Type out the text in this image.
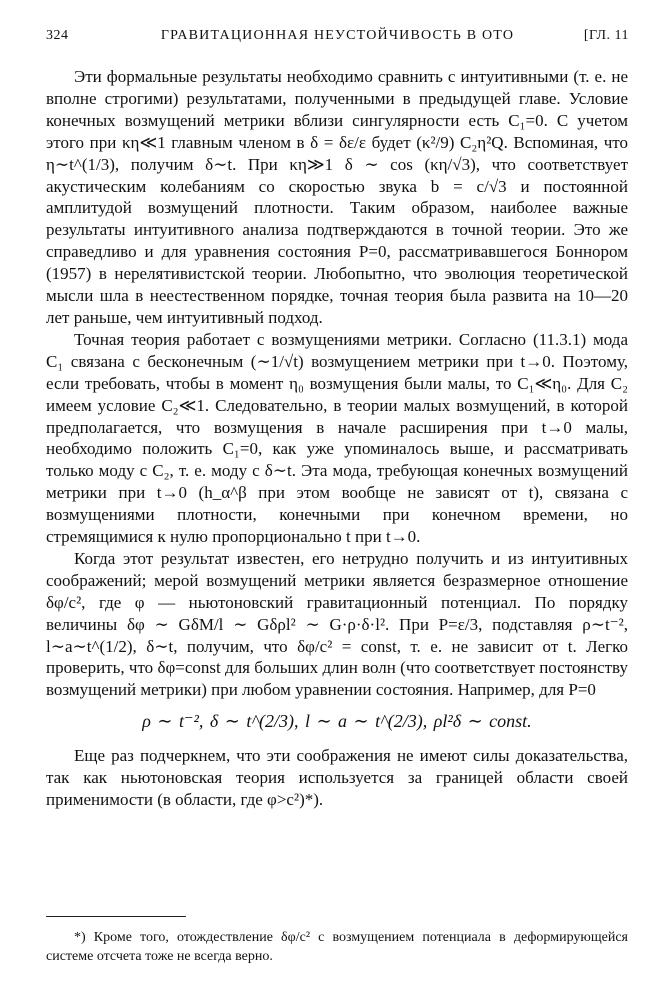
324	ГРАВИТАЦИОННАЯ НЕУСТОЙЧИВОСТЬ В ОТО	[ГЛ. 11

Эти формальные результаты необходимо сравнить с интуитивными (т. е. не вполне строгими) результатами, полученными в предыдущей главе. Условие конечных возмущений метрики вблизи сингулярности есть C₁=0. С учетом этого при κη≪1 главным членом в δ = δε/ε будет (κ²/9) C₂η²Q. Вспоминая, что η∼t^(1/3), получим δ∼t. При κη≫1 δ ∼ cos (κη/√3), что соответствует акустическим колебаниям со скоростью звука b = c/√3 и постоянной амплитудой возмущений плотности. Таким образом, наиболее важные результаты интуитивного анализа подтверждаются в точной теории. Это же справедливо и для уравнения состояния P=0, рассматривавшегося Боннором (1957) в нерелятивистской теории. Любопытно, что эволюция теоретической мысли шла в неестественном порядке, точная теория была развита на 10—20 лет раньше, чем интуитивный подход.

Точная теория работает с возмущениями метрики. Согласно (11.3.1) мода C₁ связана с бесконечным (∼1/√t) возмущением метрики при t→0. Поэтому, если требовать, чтобы в момент η₀ возмущения были малы, то C₁≪η₀. Для C₂ имеем условие C₂≪1. Следовательно, в теории малых возмущений, в которой предполагается, что возмущения в начале расширения при t→0 малы, необходимо положить C₁=0, как уже упоминалось выше, и рассматривать только моду с C₂, т. е. моду с δ∼t. Эта мода, требующая конечных возмущений метрики при t→0 (h_α^β при этом вообще не зависят от t), связана с возмущениями плотности, конечными при конечном времени, но стремящимися к нулю пропорционально t при t→0.

Когда этот результат известен, его нетрудно получить и из интуитивных соображений; мерой возмущений метрики является безразмерное отношение δφ/c², где φ — ньютоновский гравитационный потенциал. По порядку величины δφ ∼ GδM/l ∼ Gδρl² ∼ G·ρ·δ·l². При P=ε/3, подставляя ρ∼t⁻², l∼a∼t^(1/2), δ∼t, получим, что δφ/c² = const, т. е. не зависит от t. Легко проверить, что δφ=const для больших длин волн (что соответствует постоянству возмущений метрики) при любом уравнении состояния. Например, для P=0

ρ ∼ t⁻², δ ∼ t^(2/3), l ∼ a ∼ t^(2/3), ρl²δ ∼ const.

Еще раз подчеркнем, что эти соображения не имеют силы доказательства, так как ньютоновская теория используется за границей области своей применимости (в области, где φ>c²)*).

*) Кроме того, отождествление δφ/c² с возмущением потенциала в деформирующейся системе отсчета тоже не всегда верно.
